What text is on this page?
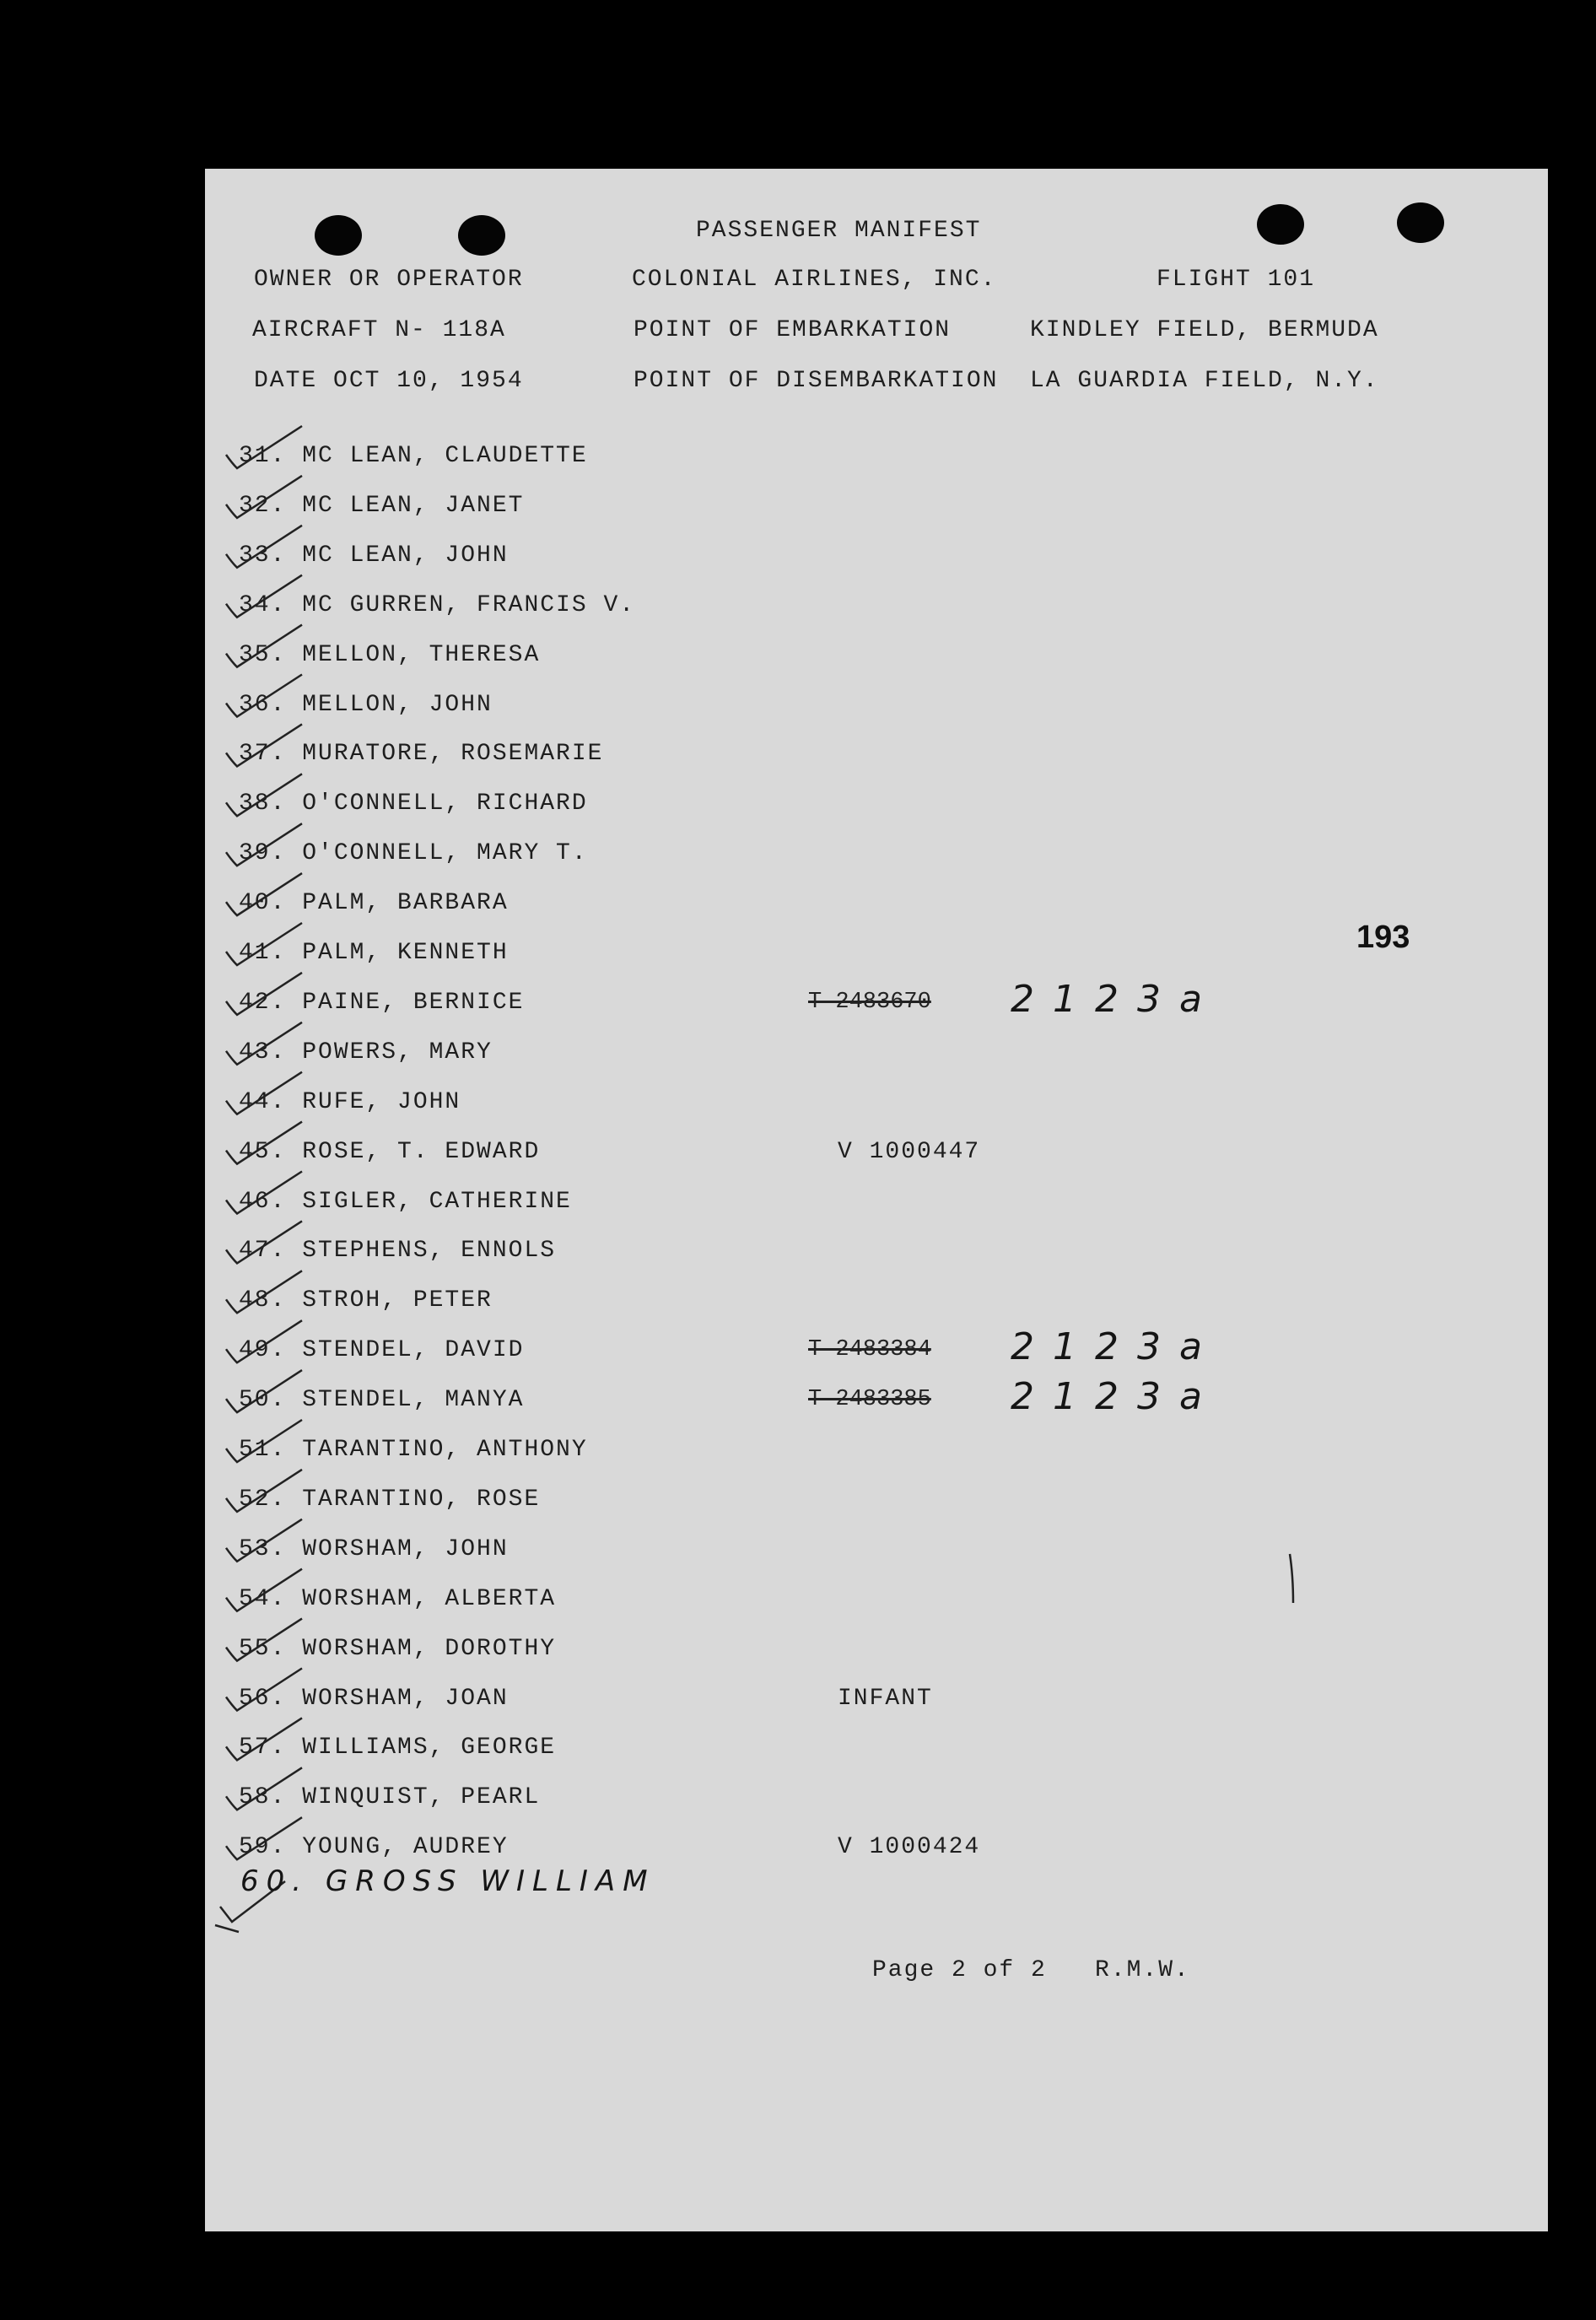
PASSENGER MANIFEST
OWNER OR OPERATOR	COLONIAL AIRLINES, INC.	FLIGHT 101
AIRCRAFT N- 118A	POINT OF EMBARKATION	KINDLEY FIELD, BERMUDA
DATE OCT 10, 1954	POINT OF DISEMBARKATION LA GUARDIA FIELD, N.Y.
193
31. MC LEAN, CLAUDETTE
32. MC LEAN, JANET
33. MC LEAN, JOHN
34. MC GURREN, FRANCIS V.
35. MELLON, THERESA
36. MELLON, JOHN
37. MURATORE, ROSEMARIE
38. O'CONNELL, RICHARD
39. O'CONNELL, MARY T.
40. PALM, BARBARA
41. PALM, KENNETH
42. PAINE, BERNICE	T 2483670 2123a
43. POWERS, MARY
44. RUFE, JOHN
45. ROSE, T. EDWARD	V 1000447
46. SIGLER, CATHERINE
47. STEPHENS, ENNOLS
48. STROH, PETER
49. STENDEL, DAVID	T 2483384 2123a
50. STENDEL, MANYA	T 2483385 2123a
51. TARANTINO, ANTHONY
52. TARANTINO, ROSE
53. WORSHAM, JOHN
54. WORSHAM, ALBERTA
55. WORSHAM, DOROTHY
56. WORSHAM, JOAN	INFANT
57. WILLIAMS, GEORGE
58. WINQUIST, PEARL
59. YOUNG, AUDREY	V 1000424
60. GROSS WILLIAM
Page 2 of 2 R.M.W.
